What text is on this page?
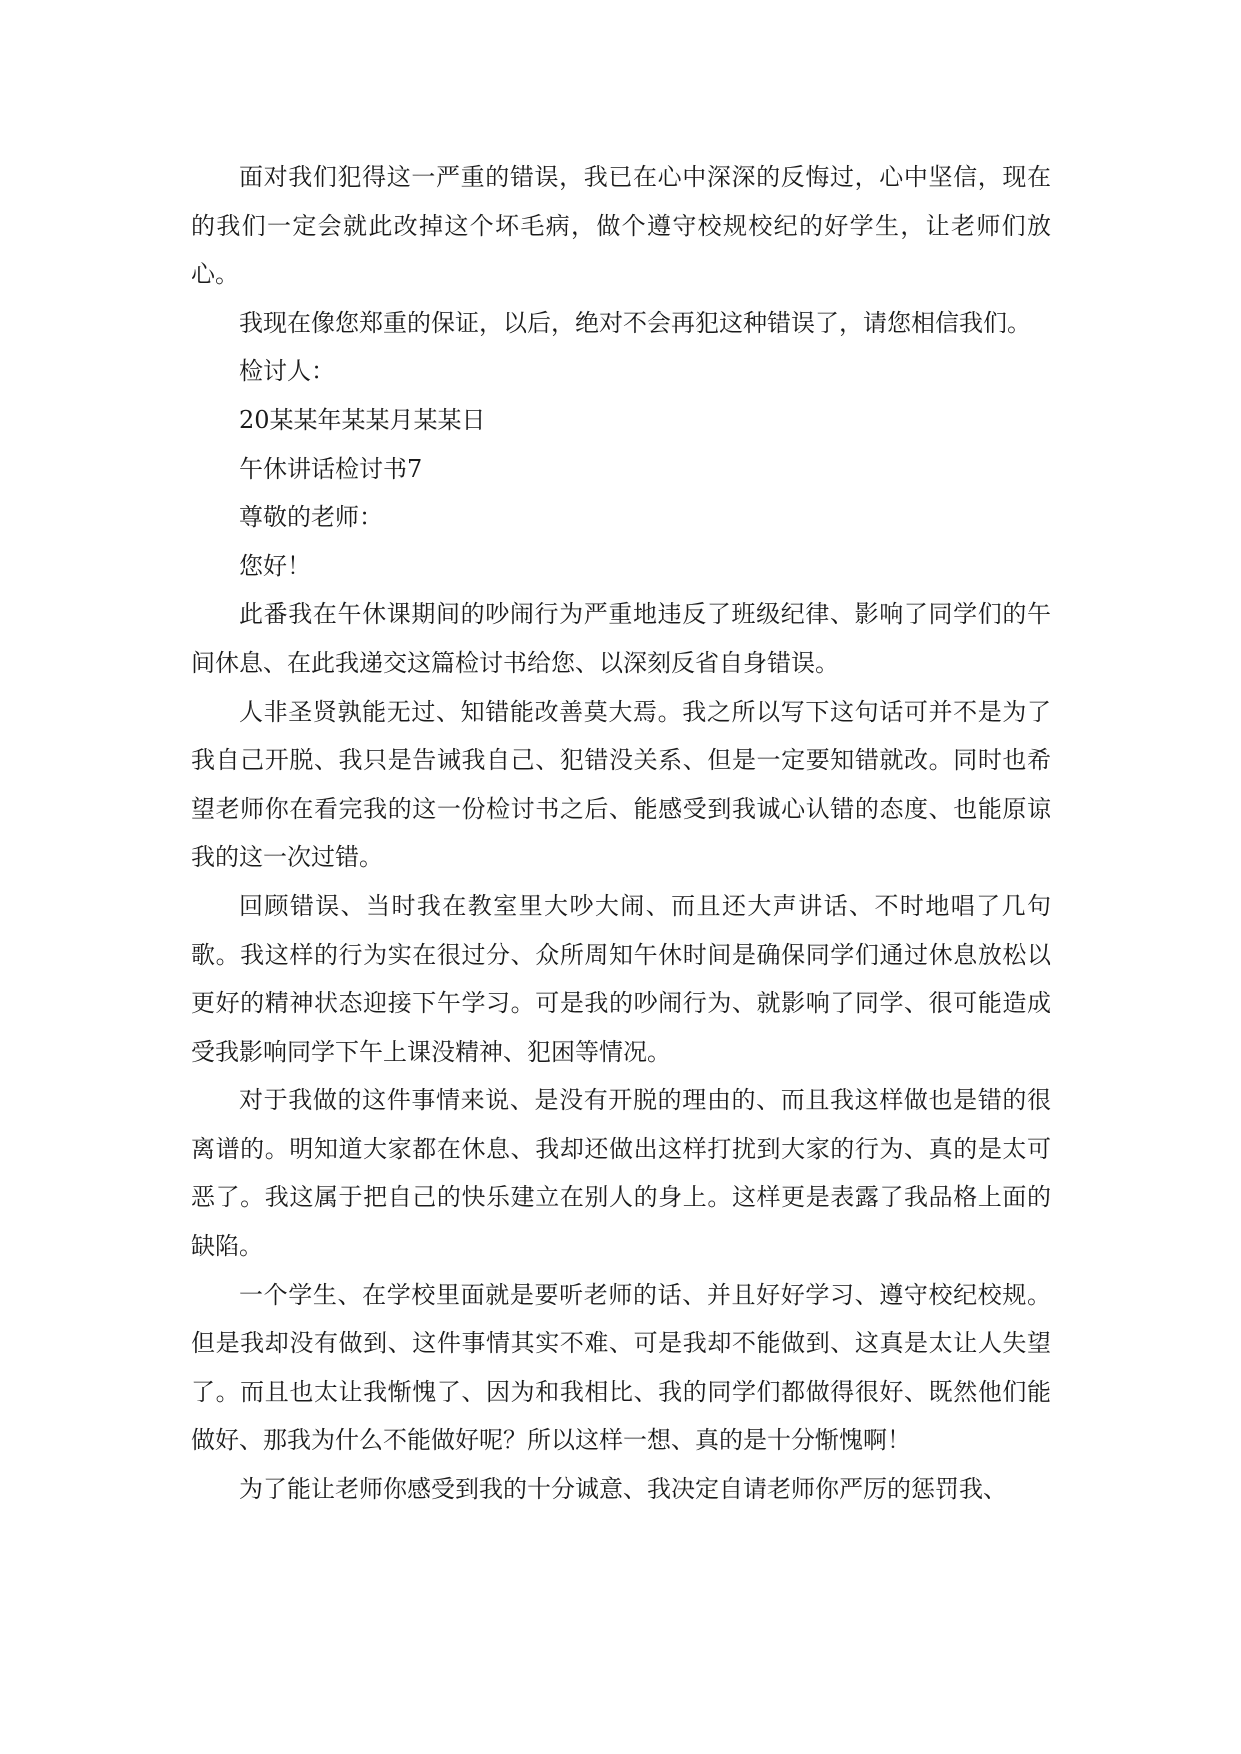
面对我们犯得这一严重的错误，我已在心中深深的反悔过，心中坚信，现在的我们一定会就此改掉这个坏毛病，做个遵守校规校纪的好学生，让老师们放心。

我现在像您郑重的保证，以后，绝对不会再犯这种错误了，请您相信我们。

检讨人：

20某某年某某月某某日

午休讲话检讨书7

尊敬的老师：

您好！

此番我在午休课期间的吵闹行为严重地违反了班级纪律、影响了同学们的午间休息、在此我递交这篇检讨书给您、以深刻反省自身错误。

人非圣贤孰能无过、知错能改善莫大焉。我之所以写下这句话可并不是为了我自己开脱、我只是告诫我自己、犯错没关系、但是一定要知错就改。同时也希望老师你在看完我的这一份检讨书之后、能感受到我诚心认错的态度、也能原谅我的这一次过错。

回顾错误、当时我在教室里大吵大闹、而且还大声讲话、不时地唱了几句歌。我这样的行为实在很过分、众所周知午休时间是确保同学们通过休息放松以更好的精神状态迎接下午学习。可是我的吵闹行为、就影响了同学、很可能造成受我影响同学下午上课没精神、犯困等情况。

对于我做的这件事情来说、是没有开脱的理由的、而且我这样做也是错的很离谱的。明知道大家都在休息、我却还做出这样打扰到大家的行为、真的是太可恶了。我这属于把自己的快乐建立在别人的身上。这样更是表露了我品格上面的缺陷。

一个学生、在学校里面就是要听老师的话、并且好好学习、遵守校纪校规。但是我却没有做到、这件事情其实不难、可是我却不能做到、这真是太让人失望了。而且也太让我惭愧了、因为和我相比、我的同学们都做得很好、既然他们能做好、那我为什么不能做好呢？所以这样一想、真的是十分惭愧啊！

为了能让老师你感受到我的十分诚意、我决定自请老师你严厉的惩罚我、
